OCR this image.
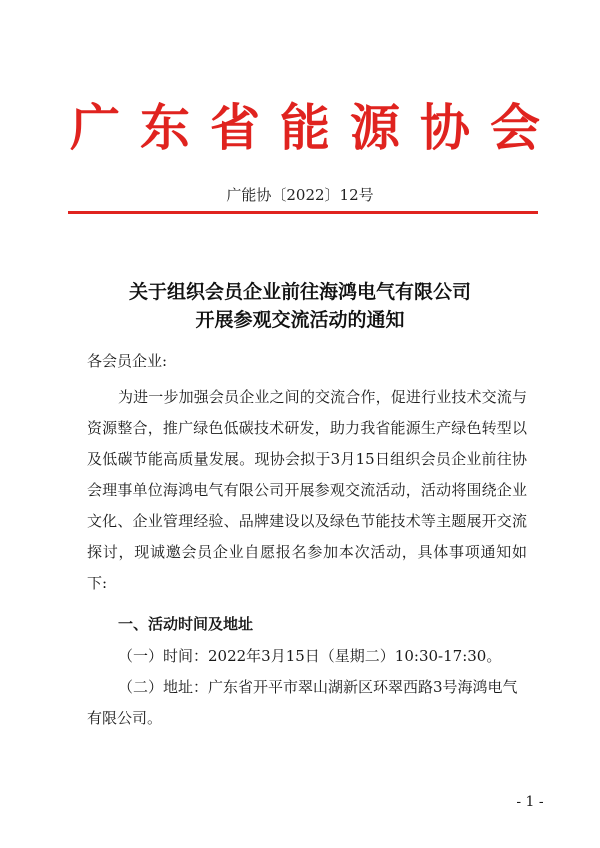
广 东 省 能 源 协 会
广能协〔2022〕12号
关于组织会员企业前往海鸿电气有限公司
开展参观交流活动的通知
各会员企业:
为进一步加强会员企业之间的交流合作，促进行业技术交流与资源整合，推广绿色低碳技术研发，助力我省能源生产绿色转型以及低碳节能高质量发展。现协会拟于3月15日组织会员企业前往协会理事单位海鸿电气有限公司开展参观交流活动，活动将围绕企业文化、企业管理经验、品牌建设以及绿色节能技术等主题展开交流探讨，现诚邀会员企业自愿报名参加本次活动，具体事项通知如下:
一、活动时间及地址
（一）时间：2022年3月15日（星期二）10:30-17:30。
（二）地址：广东省开平市翠山湖新区环翠西路3号海鸿电气有限公司。
- 1 -
